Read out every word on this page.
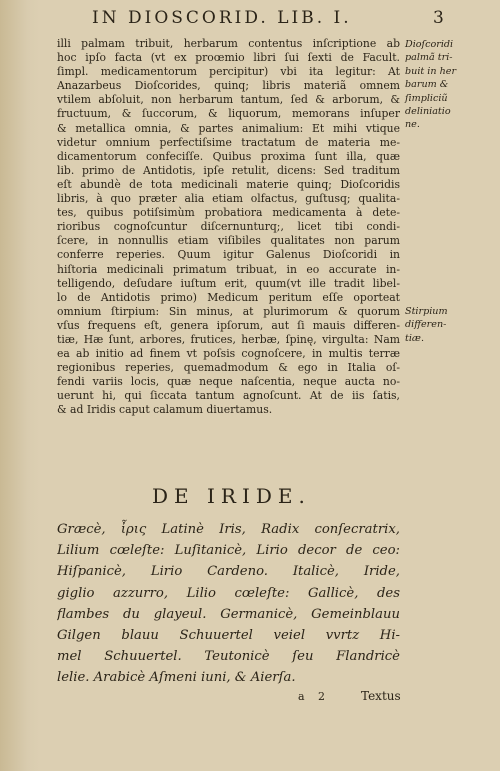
IN DIOSCORID. LIB. I.	3
illi palmam tribuit, herbarum contentus inſcriptione ab
hoc ipſo facta (vt ex proœmio libri ſui ſexti de Facult.
ſimpl. medicamentorum percipitur) vbi ita legitur: At
Anazarbeus Dioſcorides, quinq; libris materiã omnem
vtilem abſoluit, non herbarum tantum, ſed & arborum, &
fructuum, & ſuccorum, & liquorum, memorans inſuper
& metallica omnia, & partes animalium: Et mihi vtique
videtur omnium perfectiſsime tractatum de materia me-
dicamentorum confeciſſe. Quibus proxima ſunt illa, quæ
lib. primo de Antidotis, ipſe retulit, dicens: Sed traditum
eſt abundè de tota medicinali materie quinq; Dioſcoridis
libris, à quo præter alia etiam olfactus, guſtusq; qualita-
tes, quibus potiſsimùm probatiora medicamenta à dete-
rioribus cognoſcuntur diſcernunturq;, licet tibi condi-
ſcere, in nonnullis etiam viſibiles qualitates non parum
conferre reperies. Quum igitur Galenus Dioſcoridi in
hiſtoria medicinali primatum tribuat, in eo accurate in-
telligendo, deſudare iuſtum erit, quum(vt ille tradit libel-
lo de Antidotis primo) Medicum peritum eſſe oporteat
omnium ſtirpium: Sin minus, at plurimorum & quorum
vſus frequens eſt, genera ipſorum, aut ſi mauis differen-
tiæ, Hæ ſunt, arbores, frutices, herbæ, ſpinę, virgulta: Nam
ea ab initio ad finem vt poſsis cognoſcere, in multis terræ
regionibus reperies, quemadmodum & ego in Italia oſ-
fendi variis locis, quæ neque naſcentia, neque aucta no-
uerunt hi, qui ſiccata tantum agnoſcunt. At de iis ſatis,
& ad Iridis caput calamum diuertamus.
Dioſcoridi
palmã tri-
buit in her
barum &
ſimpliciũ
deliniatio
ne.
Stirpium
differen-
tiæ.
DE IRIDE.
Græcè, ἶρις Latinè Iris, Radix conſecratrix,
Lilium cœleſte: Luſitanicè, Lirio decor de ceo:
Hiſpanicè, Lirio Cardeno. Italicè, Iride,
giglio azzurro, Lilio cœleſte: Gallicè, des
flambes du glayeul. Germanicè, Gemeinblauu
Gilgen blauu Schuuertel veiel vvrtz Hi-
mel Schuuertel. Teutonicè ſeu Flandricè
lelie. Arabicè Aſmeni iuni, & Aierſa.
a 2	Textus
